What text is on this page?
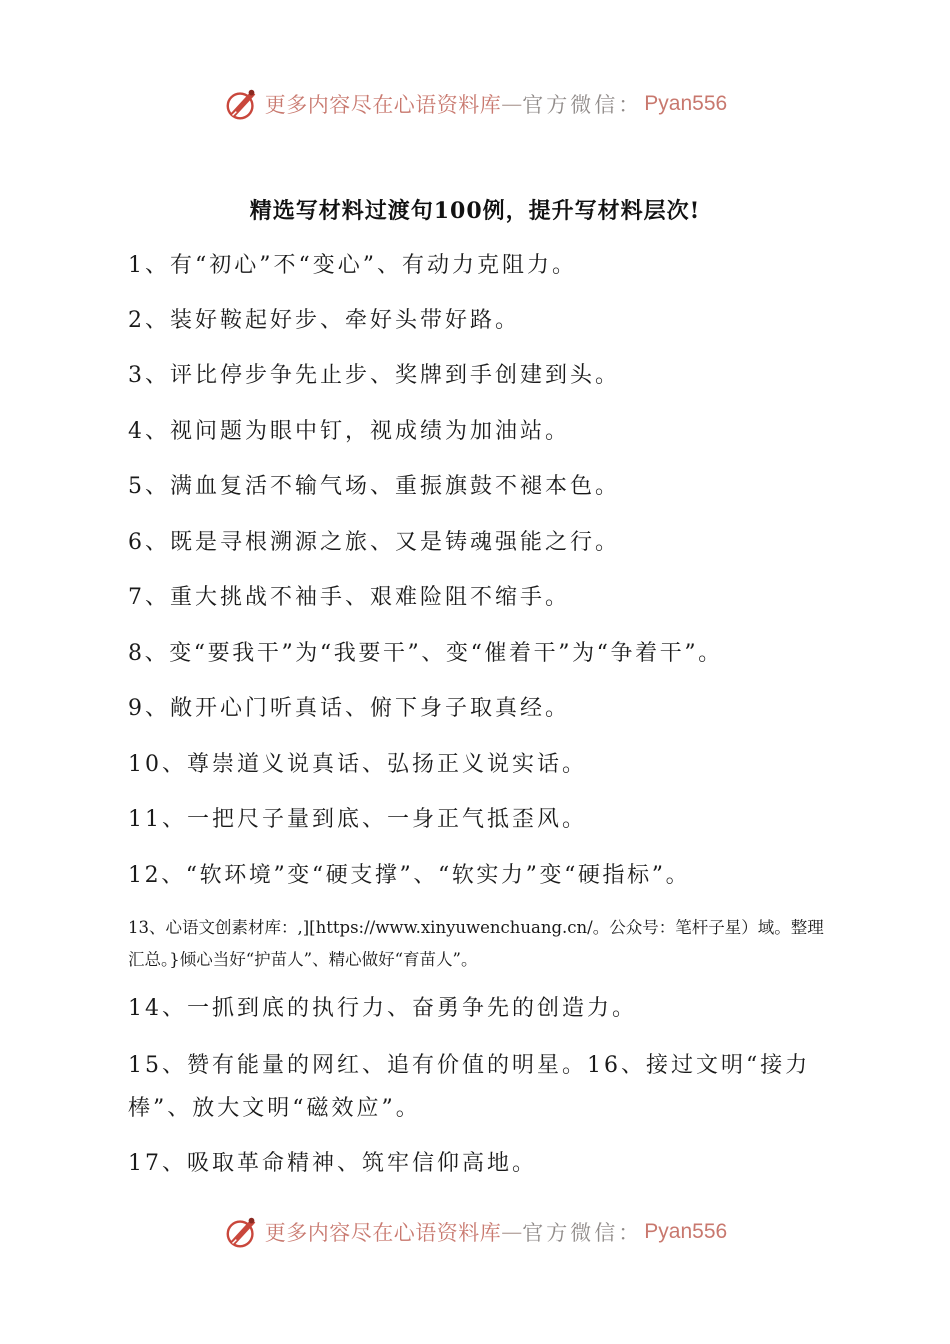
更多内容尽在心语资料库 — 官方微信： Pyan556
精选写材料过渡句100例，提升写材料层次!
1、有“初心”不“变心”、有动力克阻力。
2、装好鞍起好步、牵好头带好路。
3、评比停步争先止步、奖牌到手创建到头。
4、视问题为眼中钉，视成绩为加油站。
5、满血复活不输气场、重振旗鼓不褪本色。
6、既是寻根溯源之旅、又是铸魂强能之行。
7、重大挑战不袖手、艰难险阻不缩手。
8、变“要我干”为“我要干”、变“催着干”为“争着干”。
9、敞开心门听真话、俯下身子取真经。
10、尊崇道义说真话、弘扬正义说实话。
11、一把尺子量到底、一身正气抵歪风。
12、“软环境”变“硬支撑”、“软实力”变“硬指标”。
13、心语文创素材库：,][https://www.xinyuwenchuang.cn/。公众号：笔杆子星）域。整理汇总。}倾心当好“护苗人”、精心做好“育苗人”。
14、一抓到底的执行力、奋勇争先的创造力。
15、赞有能量的网红、追有价值的明星。16、接过文明“接力棒”、放大文明“磁效应”。
17、吸取革命精神、筑牢信仰高地。
更多内容尽在心语资料库 — 官方微信： Pyan556
